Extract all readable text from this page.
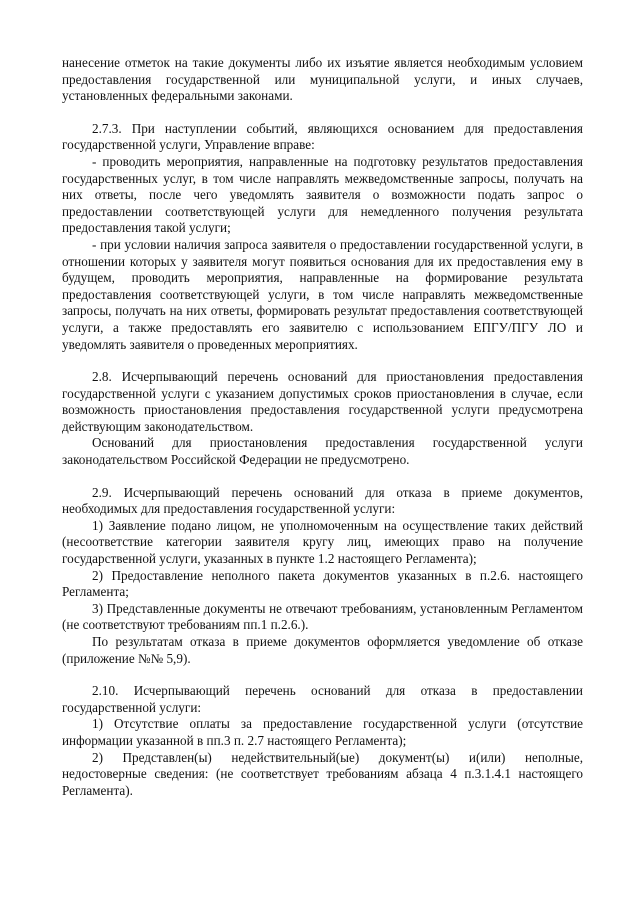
нанесение отметок на такие документы либо их изъятие является необходимым условием предоставления государственной или муниципальной услуги, и иных случаев, установленных федеральными законами.

2.7.3. При наступлении событий, являющихся основанием для предоставления государственной услуги, Управление вправе:

- проводить мероприятия, направленные на подготовку результатов предоставления государственных услуг, в том числе направлять межведомственные запросы, получать на них ответы, после чего уведомлять заявителя о возможности подать запрос о предоставлении соответствующей услуги для немедленного получения результата предоставления такой услуги;

- при условии наличия запроса заявителя о предоставлении государственной услуги, в отношении которых у заявителя могут появиться основания для их предоставления ему в будущем, проводить мероприятия, направленные на формирование результата предоставления соответствующей услуги, в том числе направлять межведомственные запросы, получать на них ответы, формировать результат предоставления соответствующей услуги, а также предоставлять его заявителю с использованием ЕПГУ/ПГУ ЛО и уведомлять заявителя о проведенных мероприятиях.

2.8. Исчерпывающий перечень оснований для приостановления предоставления государственной услуги с указанием допустимых сроков приостановления в случае, если возможность приостановления предоставления государственной услуги предусмотрена действующим законодательством.

Оснований для приостановления предоставления государственной услуги законодательством Российской Федерации не предусмотрено.

2.9. Исчерпывающий перечень оснований для отказа в приеме документов, необходимых для предоставления государственной услуги:

1) Заявление подано лицом, не уполномоченным на осуществление таких действий (несоответствие категории заявителя кругу лиц, имеющих право на получение государственной услуги, указанных в пункте 1.2 настоящего Регламента);

2) Предоставление неполного пакета документов указанных в п.2.6. настоящего Регламента;

3) Представленные документы не отвечают требованиям, установленным Регламентом (не соответствуют требованиям пп.1 п.2.6.).

По результатам отказа в приеме документов оформляется уведомление об отказе (приложение №№ 5,9).

2.10. Исчерпывающий перечень оснований для отказа в предоставлении государственной услуги:

1) Отсутствие оплаты за предоставление государственной услуги (отсутствие информации указанной в пп.3 п. 2.7 настоящего Регламента);

2) Представлен(ы) недействительный(ые) документ(ы) и(или) неполные, недостоверные сведения: (не соответствует требованиям абзаца 4 п.3.1.4.1 настоящего Регламента).
